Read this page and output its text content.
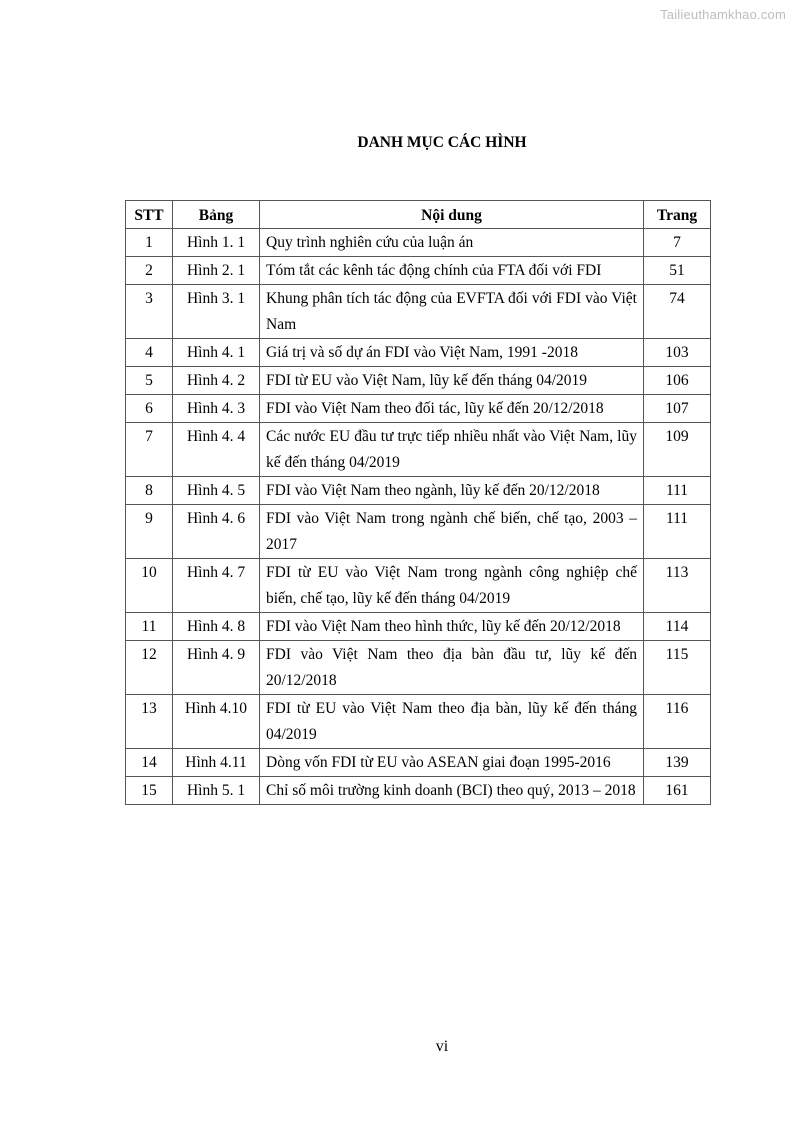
Tailieuthamkhao.com
DANH MỤC CÁC HÌNH
STT	Bảng	Nội dung	Trang
1	Hình 1. 1	Quy trình nghiên cứu của luận án	7
2	Hình 2. 1	Tóm tắt các kênh tác động chính của FTA đối với FDI	51
3	Hình 3. 1	Khung phân tích tác động của EVFTA đối với FDI vào Việt Nam	74
4	Hình 4. 1	Giá trị và số dự án FDI vào Việt Nam, 1991 -2018	103
5	Hình 4. 2	FDI từ EU vào Việt Nam, lũy kế đến tháng 04/2019	106
6	Hình 4. 3	FDI vào Việt Nam theo đối tác, lũy kế đến 20/12/2018	107
7	Hình 4. 4	Các nước EU đầu tư trực tiếp nhiều nhất vào Việt Nam, lũy kế đến tháng 04/2019	109
8	Hình 4. 5	FDI vào Việt Nam theo ngành, lũy kế đến 20/12/2018	111
9	Hình 4. 6	FDI vào Việt Nam trong ngành chế biến, chế tạo, 2003 – 2017	111
10	Hình 4. 7	FDI từ EU vào Việt Nam trong ngành công nghiệp chế biến, chế tạo, lũy kế đến tháng 04/2019	113
11	Hình 4. 8	FDI vào Việt Nam theo hình thức, lũy kế đến 20/12/2018	114
12	Hình 4. 9	FDI vào Việt Nam theo địa bàn đầu tư, lũy kế đến 20/12/2018	115
13	Hình 4.10	FDI từ EU vào Việt Nam theo địa bàn, lũy kế đến tháng 04/2019	116
14	Hình 4.11	Dòng vốn FDI từ EU vào ASEAN giai đoạn 1995-2016	139
15	Hình 5. 1	Chỉ số môi trường kinh doanh (BCI) theo quý, 2013 – 2018	161
vi
